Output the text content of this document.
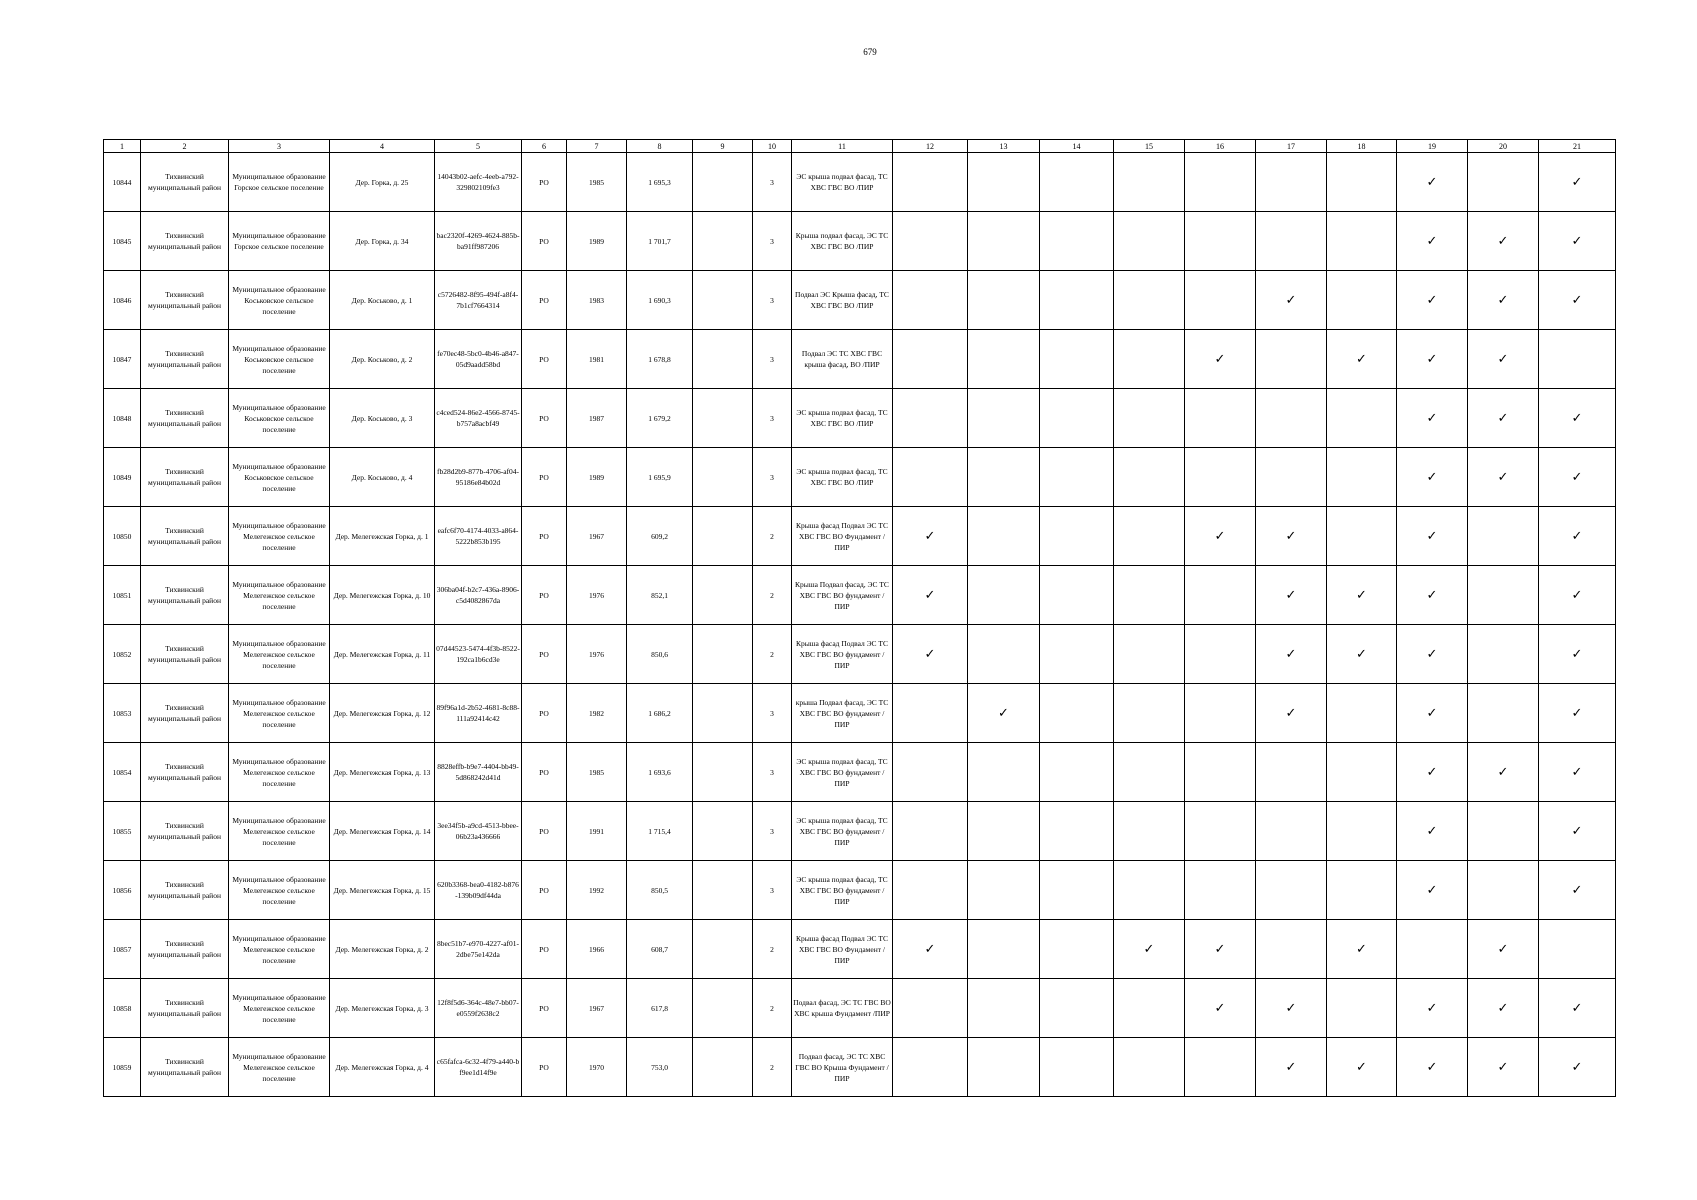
679
1	2	3	4	5	6	7	8	9	10	11	12	13	14	15	16	17	18	19	20	21
10844	Тихвинский муниципальный район	Муниципальное образование Горское сельское поселение	Дер. Горка, д. 25	14043b02-aefc-4eeb-a792-329802109fe3	РО	1985	1 695,3		3	ЭС крыша подвал фасад, ТС ХВС ГВС ВО /ПИР								✓		✓
10845	Тихвинский муниципальный район	Муниципальное образование Горское сельское поселение	Дер. Горка, д. 34	bac2320f-4269-4624-885b-ba91ff987206	РО	1989	1 701,7		3	Крыша подвал фасад, ЭС ТС ХВС ГВС ВО /ПИР								✓	✓	✓
10846	Тихвинский муниципальный район	Муниципальное образование Коськовское сельское поселение	Дер. Коськово, д. 1	c5726482-8f95-494f-a8f4-7b1cf7664314	РО	1983	1 690,3		3	Подвал ЭС Крыша фасад, ТС ХВС ГВС ВО /ПИР						✓		✓	✓	✓
10847	Тихвинский муниципальный район	Муниципальное образование Коськовское сельское поселение	Дер. Коськово, д. 2	fe70ec48-5bc0-4b46-a847-05d9aadd58bd	РО	1981	1 678,8		3	Подвал ЭС ТС ХВС ГВС крыша фасад, ВО /ПИР					✓		✓	✓	✓	
10848	Тихвинский муниципальный район	Муниципальное образование Коськовское сельское поселение	Дер. Коськово, д. 3	c4ced524-86e2-4566-8745-b757a8acbf49	РО	1987	1 679,2		3	ЭС крыша подвал фасад, ТС ХВС ГВС ВО /ПИР								✓	✓	✓
10849	Тихвинский муниципальный район	Муниципальное образование Коськовское сельское поселение	Дер. Коськово, д. 4	fb28d2b9-877b-4706-af04-95186e84b02d	РО	1989	1 695,9		3	ЭС крыша подвал фасад, ТС ХВС ГВС ВО /ПИР								✓	✓	✓
10850	Тихвинский муниципальный район	Муниципальное образование Мелегежское сельское поселение	Дер. Мелегежская Горка, д. 1	eafc6f70-4174-4033-a864-5222b853b195	РО	1967	609,2		2	Крыша фасад Подвал ЭС ТС ХВС ГВС ВО Фундамент /ПИР	✓				✓	✓		✓		✓
10851	Тихвинский муниципальный район	Муниципальное образование Мелегежское сельское поселение	Дер. Мелегежская Горка, д. 10	306ba04f-b2c7-436a-8906-c5d4082867da	РО	1976	852,1		2	Крыша Подвал фасад, ЭС ТС ХВС ГВС ВО фундамент /ПИР	✓					✓	✓	✓		✓
10852	Тихвинский муниципальный район	Муниципальное образование Мелегежское сельское поселение	Дер. Мелегежская Горка, д. 11	07d44523-5474-4f3b-8522-192ca1b6cd3e	РО	1976	850,6		2	Крыша фасад Подвал ЭС ТС ХВС ГВС ВО фундамент /ПИР	✓					✓	✓	✓		✓
10853	Тихвинский муниципальный район	Муниципальное образование Мелегежское сельское поселение	Дер. Мелегежская Горка, д. 12	89f96a1d-2b52-4681-8c88-111a92414c42	РО	1982	1 686,2		3	крыша Подвал фасад, ЭС ТС ХВС ГВС ВО фундамент /ПИР		✓				✓		✓		✓
10854	Тихвинский муниципальный район	Муниципальное образование Мелегежское сельское поселение	Дер. Мелегежская Горка, д. 13	8828effb-b9e7-4404-bb49-5d868242d41d	РО	1985	1 693,6		3	ЭС крыша подвал фасад, ТС ХВС ГВС ВО фундамент /ПИР								✓	✓	✓
10855	Тихвинский муниципальный район	Муниципальное образование Мелегежское сельское поселение	Дер. Мелегежская Горка, д. 14	3ee34f5b-a9cd-4513-bbee-06b23a436666	РО	1991	1 715,4		3	ЭС крыша подвал фасад, ТС ХВС ГВС ВО фундамент /ПИР								✓		✓
10856	Тихвинский муниципальный район	Муниципальное образование Мелегежское сельское поселение	Дер. Мелегежская Горка, д. 15	620b3368-bea0-4182-b876-139b09df44da	РО	1992	850,5		3	ЭС крыша подвал фасад, ТС ХВС ГВС ВО фундамент /ПИР								✓		✓
10857	Тихвинский муниципальный район	Муниципальное образование Мелегежское сельское поселение	Дер. Мелегежская Горка, д. 2	8bec51b7-e970-4227-af01-2dbe75e142da	РО	1966	608,7		2	Крыша фасад Подвал ЭС ТС ХВС ГВС ВО Фундамент /ПИР	✓			✓	✓		✓		✓	
10858	Тихвинский муниципальный район	Муниципальное образование Мелегежское сельское поселение	Дер. Мелегежская Горка, д. 3	12f8f5d6-364c-48e7-bb07-e0559f2638c2	РО	1967	617,8		2	Подвал фасад, ЭС ТС ГВС ВО ХВС крыша Фундамент /ПИР					✓	✓		✓	✓	✓
10859	Тихвинский муниципальный район	Муниципальное образование Мелегежское сельское поселение	Дер. Мелегежская Горка, д. 4	c65fafca-6c32-4f79-a440-bf9ee1d14f9e	РО	1970	753,0		2	Подвал фасад, ЭС ТС ХВС ГВС ВО Крыша Фундамент /ПИР						✓	✓	✓	✓	✓
